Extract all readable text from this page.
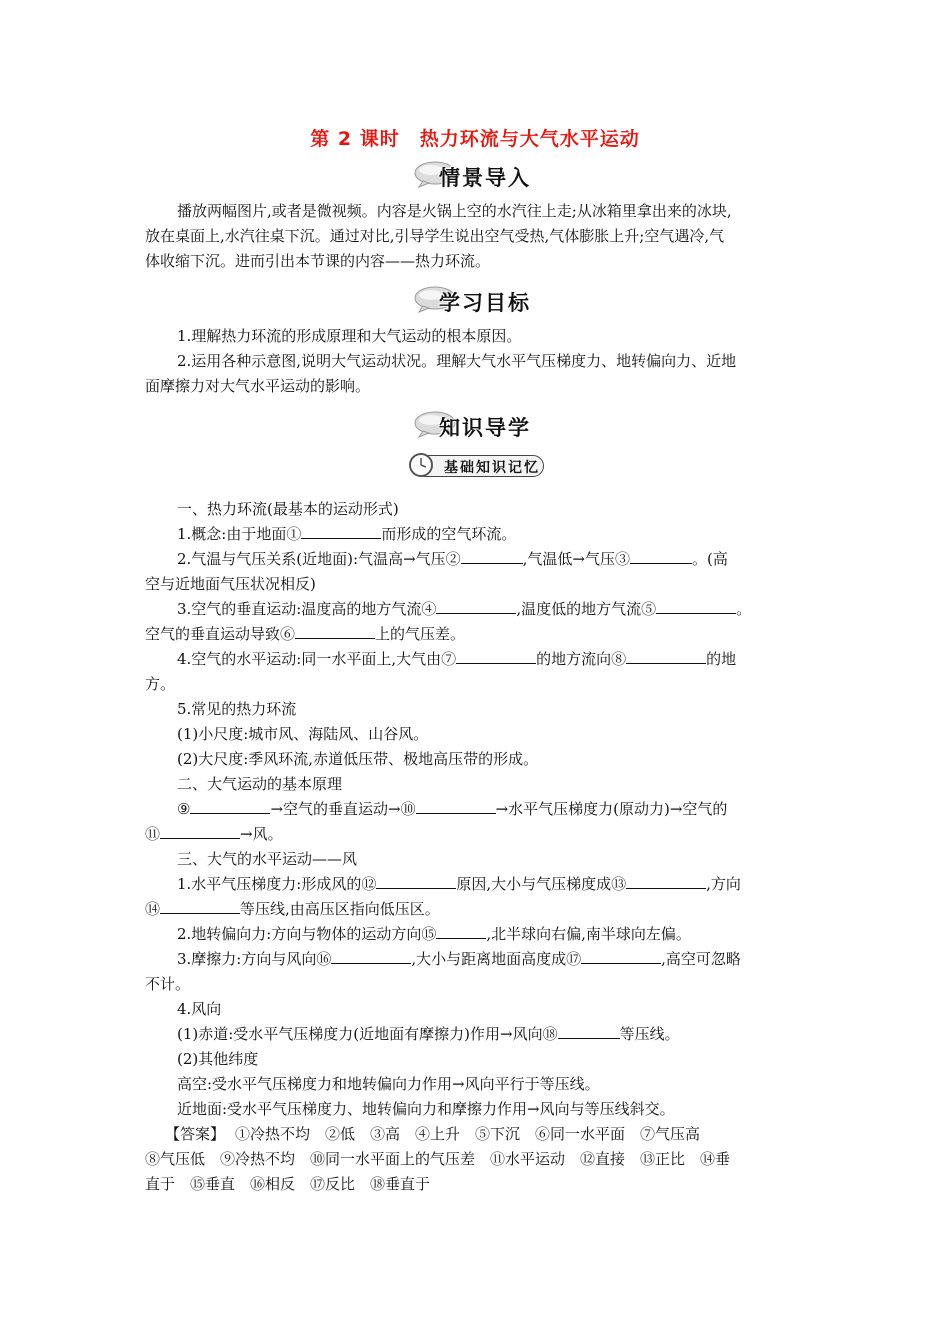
第 2 课时　热力环流与大气水平运动
情景导入
播放两幅图片,或者是微视频。内容是火锅上空的水汽往上走;从冰箱里拿出来的冰块,
放在桌面上,水汽往桌下沉。通过对比,引导学生说出空气受热,气体膨胀上升;空气遇冷,气
体收缩下沉。进而引出本节课的内容——热力环流。
学习目标
1.理解热力环流的形成原理和大气运动的根本原因。
2.运用各种示意图,说明大气运动状况。理解大气水平气压梯度力、地转偏向力、近地
面摩擦力对大气水平运动的影响。
知识导学
基础知识记忆
一、热力环流(最基本的运动形式)
1.概念:由于地面①	而形成的空气环流。
2.气温与气压关系(近地面):气温高→气压②	,气温低→气压③	。(高
空与近地面气压状况相反)
3.空气的垂直运动:温度高的地方气流④	,温度低的地方气流⑤	。
空气的垂直运动导致⑥	上的气压差。
4.空气的水平运动:同一水平面上,大气由⑦	的地方流向⑧	的地
方。
5.常见的热力环流
(1)小尺度:城市风、海陆风、山谷风。
(2)大尺度:季风环流,赤道低压带、极地高压带的形成。
二、大气运动的基本原理
⑨	→空气的垂直运动→⑩	→水平气压梯度力(原动力)→空气的
⑪	→风。
三、大气的水平运动——风
1.水平气压梯度力:形成风的⑫	原因,大小与气压梯度成⑬	,方向
⑭	等压线,由高压区指向低压区。
2.地转偏向力:方向与物体的运动方向⑮	,北半球向右偏,南半球向左偏。
3.摩擦力:方向与风向⑯	,大小与距离地面高度成⑰	,高空可忽略
不计。
4.风向
(1)赤道:受水平气压梯度力(近地面有摩擦力)作用→风向⑱	等压线。
(2)其他纬度
高空:受水平气压梯度力和地转偏向力作用→风向平行于等压线。
近地面:受水平气压梯度力、地转偏向力和摩擦力作用→风向与等压线斜交。
【答案】 ①冷热不均　②低　③高　④上升　⑤下沉　⑥同一水平面　⑦气压高
⑧气压低　⑨冷热不均　⑩同一水平面上的气压差　⑪水平运动　⑫直接　⑬正比　⑭垂
直于　⑮垂直　⑯相反　⑰反比　⑱垂直于
